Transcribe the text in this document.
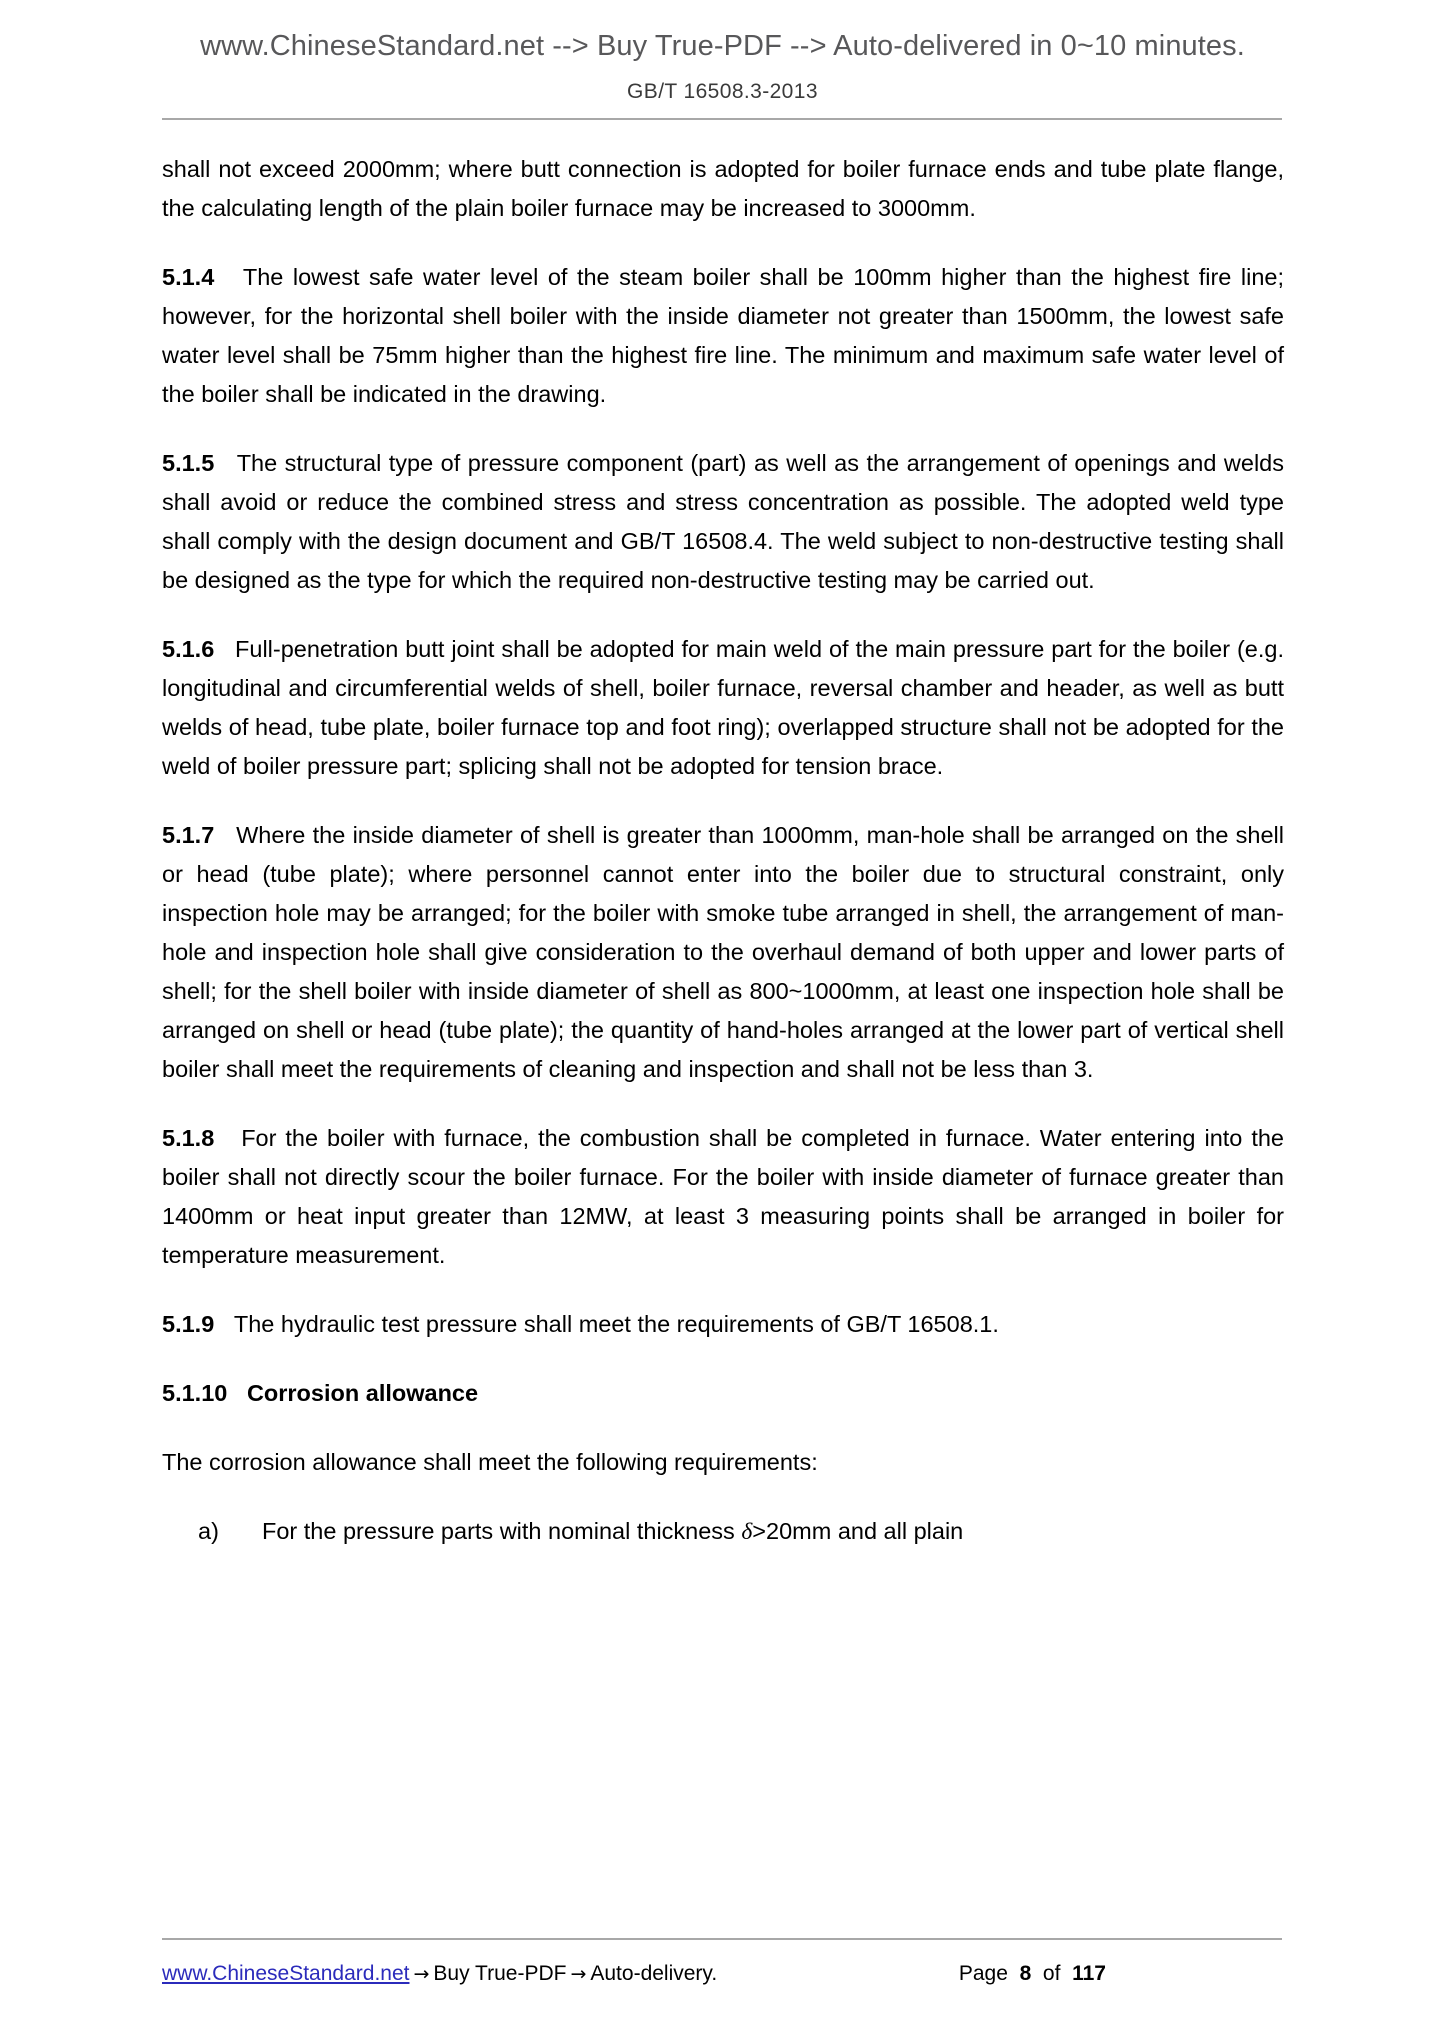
www.ChineseStandard.net --> Buy True-PDF --> Auto-delivered in 0~10 minutes.
GB/T 16508.3-2013

shall not exceed 2000mm; where butt connection is adopted for boiler furnace ends and tube plate flange, the calculating length of the plain boiler furnace may be increased to 3000mm.

5.1.4 The lowest safe water level of the steam boiler shall be 100mm higher than the highest fire line; however, for the horizontal shell boiler with the inside diameter not greater than 1500mm, the lowest safe water level shall be 75mm higher than the highest fire line. The minimum and maximum safe water level of the boiler shall be indicated in the drawing.

5.1.5 The structural type of pressure component (part) as well as the arrangement of openings and welds shall avoid or reduce the combined stress and stress concentration as possible. The adopted weld type shall comply with the design document and GB/T 16508.4. The weld subject to non-destructive testing shall be designed as the type for which the required non-destructive testing may be carried out.

5.1.6 Full-penetration butt joint shall be adopted for main weld of the main pressure part for the boiler (e.g. longitudinal and circumferential welds of shell, boiler furnace, reversal chamber and header, as well as butt welds of head, tube plate, boiler furnace top and foot ring); overlapped structure shall not be adopted for the weld of boiler pressure part; splicing shall not be adopted for tension brace.

5.1.7 Where the inside diameter of shell is greater than 1000mm, man-hole shall be arranged on the shell or head (tube plate); where personnel cannot enter into the boiler due to structural constraint, only inspection hole may be arranged; for the boiler with smoke tube arranged in shell, the arrangement of man-hole and inspection hole shall give consideration to the overhaul demand of both upper and lower parts of shell; for the shell boiler with inside diameter of shell as 800~1000mm, at least one inspection hole shall be arranged on shell or head (tube plate); the quantity of hand-holes arranged at the lower part of vertical shell boiler shall meet the requirements of cleaning and inspection and shall not be less than 3.

5.1.8 For the boiler with furnace, the combustion shall be completed in furnace. Water entering into the boiler shall not directly scour the boiler furnace. For the boiler with inside diameter of furnace greater than 1400mm or heat input greater than 12MW, at least 3 measuring points shall be arranged in boiler for temperature measurement.

5.1.9 The hydraulic test pressure shall meet the requirements of GB/T 16508.1.

5.1.10 Corrosion allowance

The corrosion allowance shall meet the following requirements:

a)	For the pressure parts with nominal thickness δ>20mm and all plain

www.ChineseStandard.net → Buy True-PDF → Auto-delivery.	Page 8 of 117
